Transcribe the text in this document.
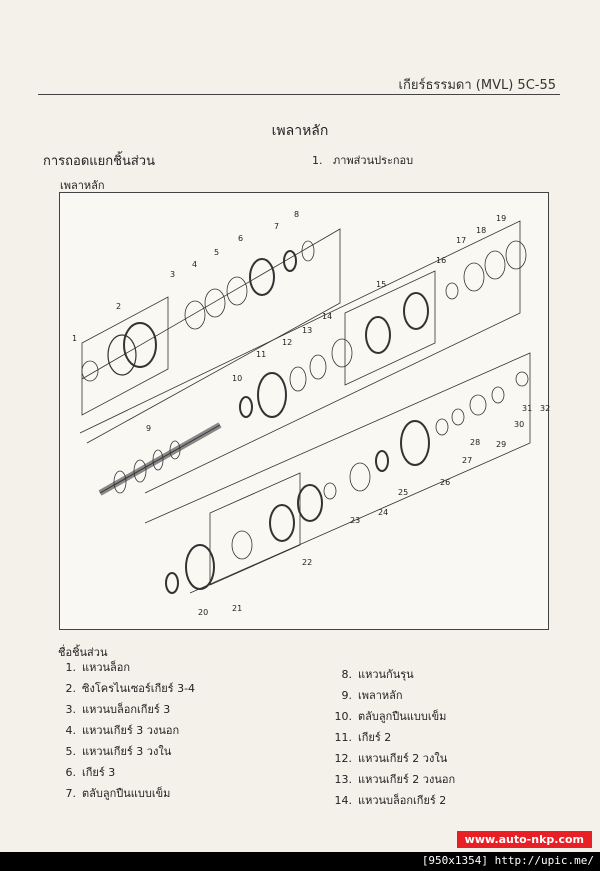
เกียร์ธรรมดา (MVL) 5C-55
เพลาหลัก
การถอดแยกชิ้นส่วน	1. ภาพส่วนประกอบ
เพลาหลัก
1
2
3
4
5
6
7
8
9
10
11
12
13
14
15
16
17
18
19
20	21
22
23
24
25
26
27
28 29
30
31 32
ชื่อชิ้นส่วน
1. แหวนล็อก
2. ซิงโครไนเซอร์เกียร์ 3-4
3. แหวนบล็อกเกียร์ 3
4. แหวนเกียร์ 3 วงนอก
5. แหวนเกียร์ 3 วงใน
6. เกียร์ 3
7. ตลับลูกปืนแบบเข็ม
8. แหวนกันรุน
9. เพลาหลัก
10. ตลับลูกปืนแบบเข็ม
11. เกียร์ 2
12. แหวนเกียร์ 2 วงใน
13. แหวนเกียร์ 2 วงนอก
14. แหวนบล็อกเกียร์ 2
www.auto-nkp.com
[950x1354] http://upic.me/
